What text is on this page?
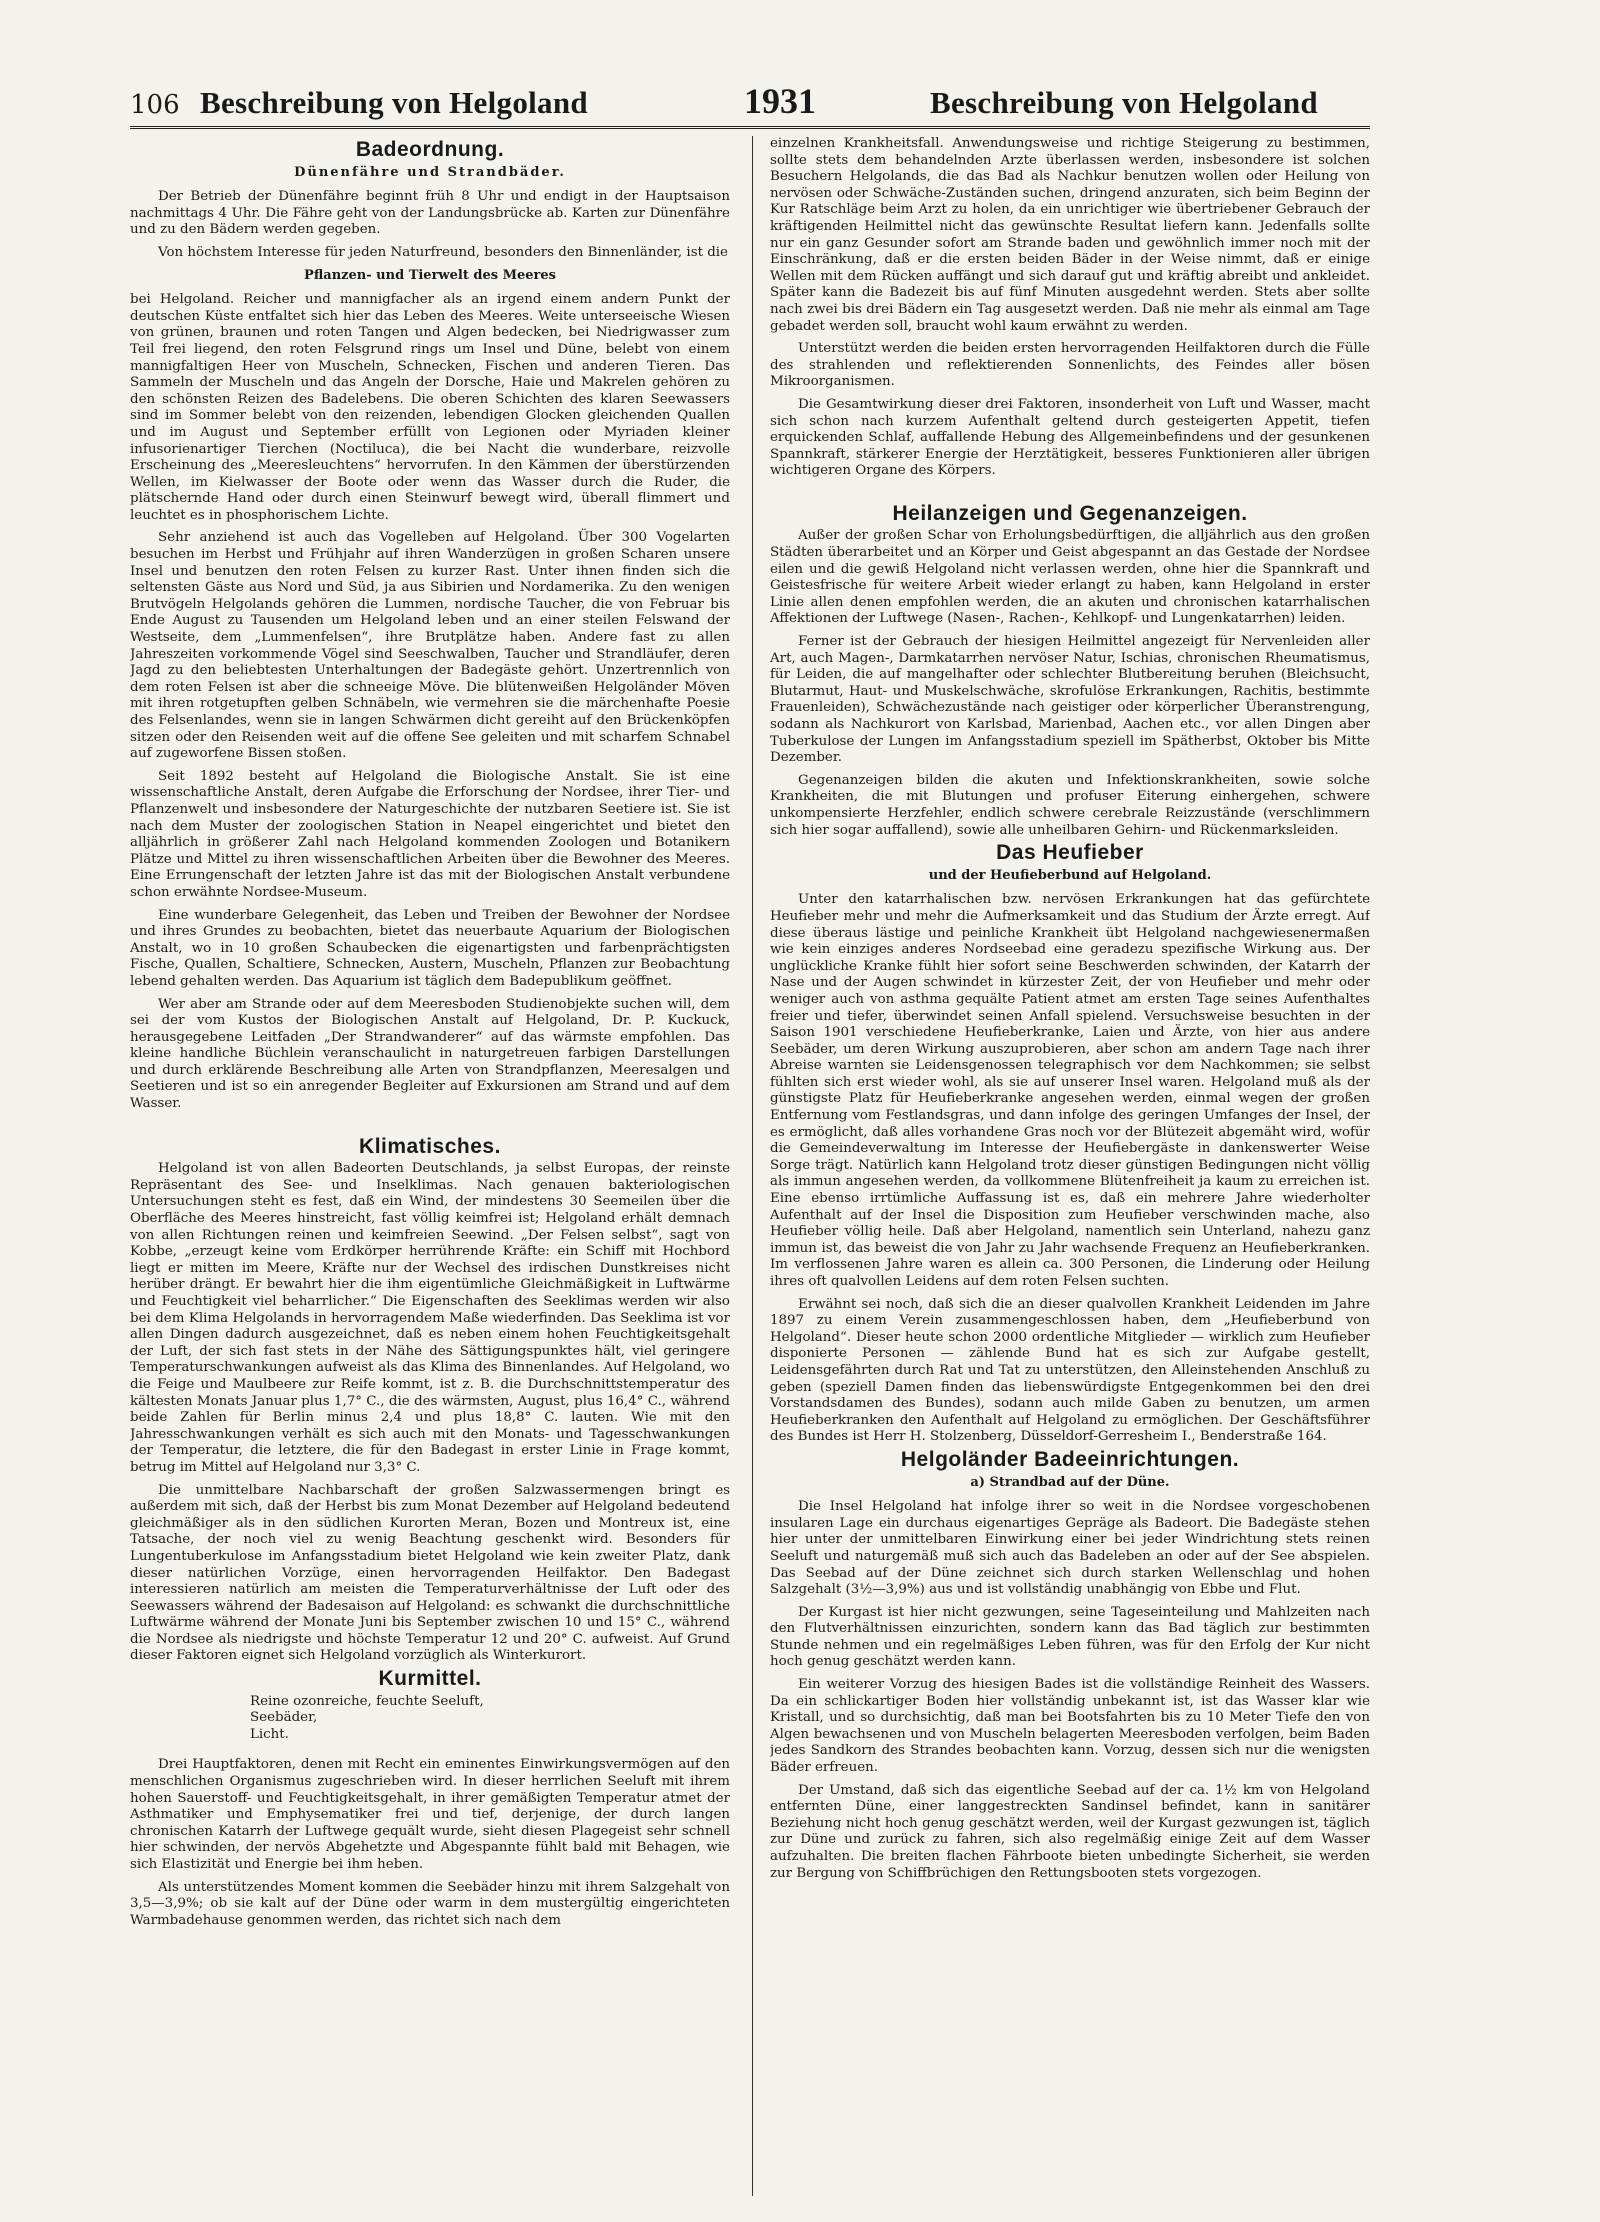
106 Beschreibung von Helgoland	1931	Beschreibung von Helgoland
Badeordnung.
Dünenfähre und Strandbäder.

Der Betrieb der Dünenfähre beginnt früh 8 Uhr und endigt in der Hauptsaison nachmittags 4 Uhr. Die Fähre geht von der Landungsbrücke ab. Karten zur Dünenfähre und zu den Bädern werden gegeben.

Von höchstem Interesse für jeden Naturfreund, besonders den Binnenländer, ist die

Pflanzen- und Tierwelt des Meeres

bei Helgoland. Reicher und mannigfacher als an irgend einem andern Punkt der deutschen Küste entfaltet sich hier das Leben des Meeres. Weite unterseeische Wiesen von grünen, braunen und roten Tangen und Algen bedecken, bei Niedrigwasser zum Teil frei liegend, den roten Felsgrund rings um Insel und Düne, belebt von einem mannigfaltigen Heer von Muscheln, Schnecken, Fischen und anderen Tieren. Das Sammeln der Muscheln und das Angeln der Dorsche, Haie und Makrelen gehören zu den schönsten Reizen des Badelebens. Die oberen Schichten des klaren Seewassers sind im Sommer belebt von den reizenden, lebendigen Glocken gleichenden Quallen und im August und September erfüllt von Legionen oder Myriaden kleiner infusorienartiger Tierchen (Noctiluca), die bei Nacht die wunderbare, reizvolle Erscheinung des „Meeresleuchtens“ hervorrufen. In den Kämmen der überstürzenden Wellen, im Kielwasser der Boote oder wenn das Wasser durch die Ruder, die plätschernde Hand oder durch einen Steinwurf bewegt wird, überall flimmert und leuchtet es in phosphorischem Lichte.

Sehr anziehend ist auch das Vogelleben auf Helgoland. Über 300 Vogelarten besuchen im Herbst und Frühjahr auf ihren Wanderzügen in großen Scharen unsere Insel und benutzen den roten Felsen zu kurzer Rast. Unter ihnen finden sich die seltensten Gäste aus Nord und Süd, ja aus Sibirien und Nordamerika. Zu den wenigen Brutvögeln Helgolands gehören die Lummen, nordische Taucher, die von Februar bis Ende August zu Tausenden um Helgoland leben und an einer steilen Felswand der Westseite, dem „Lummenfelsen“, ihre Brutplätze haben. Andere fast zu allen Jahreszeiten vorkommende Vögel sind Seeschwalben, Taucher und Strandläufer, deren Jagd zu den beliebtesten Unterhaltungen der Badegäste gehört. Unzertrennlich von dem roten Felsen ist aber die schneeige Möve. Die blütenweißen Helgoländer Möven mit ihren rotgetupften gelben Schnäbeln, wie vermehren sie die märchenhafte Poesie des Felsenlandes, wenn sie in langen Schwärmen dicht gereiht auf den Brückenköpfen sitzen oder den Reisenden weit auf die offene See geleiten und mit scharfem Schnabel auf zugeworfene Bissen stoßen.

Seit 1892 besteht auf Helgoland die Biologische Anstalt. Sie ist eine wissenschaftliche Anstalt, deren Aufgabe die Erforschung der Nordsee, ihrer Tier- und Pflanzenwelt und insbesondere der Naturgeschichte der nutzbaren Seetiere ist. Sie ist nach dem Muster der zoologischen Station in Neapel eingerichtet und bietet den alljährlich in größerer Zahl nach Helgoland kommenden Zoologen und Botanikern Plätze und Mittel zu ihren wissenschaftlichen Arbeiten über die Bewohner des Meeres. Eine Errungenschaft der letzten Jahre ist das mit der Biologischen Anstalt verbundene schon erwähnte Nordsee-Museum.

Eine wunderbare Gelegenheit, das Leben und Treiben der Bewohner der Nordsee und ihres Grundes zu beobachten, bietet das neuerbaute Aquarium der Biologischen Anstalt, wo in 10 großen Schaubecken die eigenartigsten und farbenprächtigsten Fische, Quallen, Schaltiere, Schnecken, Austern, Muscheln, Pflanzen zur Beobachtung lebend gehalten werden. Das Aquarium ist täglich dem Badepublikum geöffnet.

Wer aber am Strande oder auf dem Meeresboden Studienobjekte suchen will, dem sei der vom Kustos der Biologischen Anstalt auf Helgoland, Dr. P. Kuckuck, herausgegebene Leitfaden „Der Strandwanderer“ auf das wärmste empfohlen. Das kleine handliche Büchlein veranschaulicht in naturgetreuen farbigen Darstellungen und durch erklärende Beschreibung alle Arten von Strandpflanzen, Meeresalgen und Seetieren und ist so ein anregender Begleiter auf Exkursionen am Strand und auf dem Wasser.

Klimatisches.

Helgoland ist von allen Badeorten Deutschlands, ja selbst Europas, der reinste Repräsentant des See- und Inselklimas. Nach genauen bakteriologischen Untersuchungen steht es fest, daß ein Wind, der mindestens 30 Seemeilen über die Oberfläche des Meeres hinstreicht, fast völlig keimfrei ist; Helgoland erhält demnach von allen Richtungen reinen und keimfreien Seewind. „Der Felsen selbst“, sagt von Kobbe, „erzeugt keine vom Erdkörper herrührende Kräfte: ein Schiff mit Hochbord liegt er mitten im Meere, Kräfte nur der Wechsel des irdischen Dunstkreises nicht herüber drängt. Er bewahrt hier die ihm eigentümliche Gleichmäßigkeit in Luftwärme und Feuchtigkeit viel beharrlicher.“ Die Eigenschaften des Seeklimas werden wir also bei dem Klima Helgolands in hervorragendem Maße wiederfinden. Das Seeklima ist vor allen Dingen dadurch ausgezeichnet, daß es neben einem hohen Feuchtigkeitsgehalt der Luft, der sich fast stets in der Nähe des Sättigungspunktes hält, viel geringere Temperaturschwankungen aufweist als das Klima des Binnenlandes. Auf Helgoland, wo die Feige und Maulbeere zur Reife kommt, ist z. B. die Durchschnittstemperatur des kältesten Monats Januar plus 1,7° C., die des wärmsten, August, plus 16,4° C., während beide Zahlen für Berlin minus 2,4 und plus 18,8° C. lauten. Wie mit den Jahresschwankungen verhält es sich auch mit den Monats- und Tagesschwankungen der Temperatur, die letztere, die für den Badegast in erster Linie in Frage kommt, betrug im Mittel auf Helgoland nur 3,3° C.

Die unmittelbare Nachbarschaft der großen Salzwassermengen bringt es außerdem mit sich, daß der Herbst bis zum Monat Dezember auf Helgoland bedeutend gleichmäßiger als in den südlichen Kurorten Meran, Bozen und Montreux ist, eine Tatsache, der noch viel zu wenig Beachtung geschenkt wird. Besonders für Lungentuberkulose im Anfangsstadium bietet Helgoland wie kein zweiter Platz, dank dieser natürlichen Vorzüge, einen hervorragenden Heilfaktor. Den Badegast interessieren natürlich am meisten die Temperaturverhältnisse der Luft oder des Seewassers während der Badesaison auf Helgoland: es schwankt die durchschnittliche Luftwärme während der Monate Juni bis September zwischen 10 und 15° C., während die Nordsee als niedrigste und höchste Temperatur 12 und 20° C. aufweist. Auf Grund dieser Faktoren eignet sich Helgoland vorzüglich als Winterkurort.

Kurmittel.
Reine ozonreiche, feuchte Seeluft,
Seebäder,
Licht.

Drei Hauptfaktoren, denen mit Recht ein eminentes Einwirkungsvermögen auf den menschlichen Organismus zugeschrieben wird. In dieser herrlichen Seeluft mit ihrem hohen Sauerstoff- und Feuchtigkeitsgehalt, in ihrer gemäßigten Temperatur atmet der Asthmatiker und Emphysematiker frei und tief, derjenige, der durch langen chronischen Katarrh der Luftwege gequält wurde, sieht diesen Plagegeist sehr schnell hier schwinden, der nervös Abgehetzte und Abgespannte fühlt bald mit Behagen, wie sich Elastizität und Energie bei ihm heben.

Als unterstützendes Moment kommen die Seebäder hinzu mit ihrem Salzgehalt von 3,5—3,9%; ob sie kalt auf der Düne oder warm in dem mustergültig eingerichteten Warmbadehause genommen werden, das richtet sich nach dem

einzelnen Krankheitsfall. Anwendungsweise und richtige Steigerung zu bestimmen, sollte stets dem behandelnden Arzte überlassen werden, insbesondere ist solchen Besuchern Helgolands, die das Bad als Nachkur benutzen wollen oder Heilung von nervösen oder Schwäche-Zuständen suchen, dringend anzuraten, sich beim Beginn der Kur Ratschläge beim Arzt zu holen, da ein unrichtiger wie übertriebener Gebrauch der kräftigenden Heilmittel nicht das gewünschte Resultat liefern kann. Jedenfalls sollte nur ein ganz Gesunder sofort am Strande baden und gewöhnlich immer noch mit der Einschränkung, daß er die ersten beiden Bäder in der Weise nimmt, daß er einige Wellen mit dem Rücken auffängt und sich darauf gut und kräftig abreibt und ankleidet. Später kann die Badezeit bis auf fünf Minuten ausgedehnt werden. Stets aber sollte nach zwei bis drei Bädern ein Tag ausgesetzt werden. Daß nie mehr als einmal am Tage gebadet werden soll, braucht wohl kaum erwähnt zu werden.

Unterstützt werden die beiden ersten hervorragenden Heilfaktoren durch die Fülle des strahlenden und reflektierenden Sonnenlichts, des Feindes aller bösen Mikroorganismen.

Die Gesamtwirkung dieser drei Faktoren, insonderheit von Luft und Wasser, macht sich schon nach kurzem Aufenthalt geltend durch gesteigerten Appetit, tiefen erquickenden Schlaf, auffallende Hebung des Allgemeinbefindens und der gesunkenen Spannkraft, stärkerer Energie der Herztätigkeit, besseres Funktionieren aller übrigen wichtigeren Organe des Körpers.

Heilanzeigen und Gegenanzeigen.

Außer der großen Schar von Erholungsbedürftigen, die alljährlich aus den großen Städten überarbeitet und an Körper und Geist abgespannt an das Gestade der Nordsee eilen und die gewiß Helgoland nicht verlassen werden, ohne hier die Spannkraft und Geistesfrische für weitere Arbeit wieder erlangt zu haben, kann Helgoland in erster Linie allen denen empfohlen werden, die an akuten und chronischen katarrhalischen Affektionen der Luftwege (Nasen-, Rachen-, Kehlkopf- und Lungenkatarrhen) leiden.

Ferner ist der Gebrauch der hiesigen Heilmittel angezeigt für Nervenleiden aller Art, auch Magen-, Darmkatarrhen nervöser Natur, Ischias, chronischen Rheumatismus, für Leiden, die auf mangelhafter oder schlechter Blutbereitung beruhen (Bleichsucht, Blutarmut, Haut- und Muskelschwäche, skrofulöse Erkrankungen, Rachitis, bestimmte Frauenleiden), Schwächezustände nach geistiger oder körperlicher Überanstrengung, sodann als Nachkurort von Karlsbad, Marienbad, Aachen etc., vor allen Dingen aber Tuberkulose der Lungen im Anfangsstadium speziell im Spätherbst, Oktober bis Mitte Dezember.

Gegenanzeigen bilden die akuten und Infektionskrankheiten, sowie solche Krankheiten, die mit Blutungen und profuser Eiterung einhergehen, schwere unkompensierte Herzfehler, endlich schwere cerebrale Reizzustände (verschlimmern sich hier sogar auffallend), sowie alle unheilbaren Gehirn- und Rückenmarksleiden.

Das Heufieber
und der Heufieberbund auf Helgoland.

Unter den katarrhalischen bzw. nervösen Erkrankungen hat das gefürchtete Heufieber mehr und mehr die Aufmerksamkeit und das Studium der Ärzte erregt. Auf diese überaus lästige und peinliche Krankheit übt Helgoland nachgewiesenermaßen wie kein einziges anderes Nordseebad eine geradezu spezifische Wirkung aus. Der unglückliche Kranke fühlt hier sofort seine Beschwerden schwinden, der Katarrh der Nase und der Augen schwindet in kürzester Zeit, der von Heufieber und mehr oder weniger auch von asthma gequälte Patient atmet am ersten Tage seines Aufenthaltes freier und tiefer, überwindet seinen Anfall spielend. Versuchsweise besuchten in der Saison 1901 verschiedene Heufieberkranke, Laien und Ärzte, von hier aus andere Seebäder, um deren Wirkung auszuprobieren, aber schon am andern Tage nach ihrer Abreise warnten sie Leidensgenossen telegraphisch vor dem Nachkommen; sie selbst fühlten sich erst wieder wohl, als sie auf unserer Insel waren. Helgoland muß als der günstigste Platz für Heufieberkranke angesehen werden, einmal wegen der großen Entfernung vom Festlandsgras, und dann infolge des geringen Umfanges der Insel, der es ermöglicht, daß alles vorhandene Gras noch vor der Blütezeit abgemäht wird, wofür die Gemeindeverwaltung im Interesse der Heufiebergäste in dankenswerter Weise Sorge trägt. Natürlich kann Helgoland trotz dieser günstigen Bedingungen nicht völlig als immun angesehen werden, da vollkommene Blütenfreiheit ja kaum zu erreichen ist. Eine ebenso irrtümliche Auffassung ist es, daß ein mehrere Jahre wiederholter Aufenthalt auf der Insel die Disposition zum Heufieber verschwinden mache, also Heufieber völlig heile. Daß aber Helgoland, namentlich sein Unterland, nahezu ganz immun ist, das beweist die von Jahr zu Jahr wachsende Frequenz an Heufieberkranken. Im verflossenen Jahre waren es allein ca. 300 Personen, die Linderung oder Heilung ihres oft qualvollen Leidens auf dem roten Felsen suchten.

Erwähnt sei noch, daß sich die an dieser qualvollen Krankheit Leidenden im Jahre 1897 zu einem Verein zusammengeschlossen haben, dem „Heufieberbund von Helgoland“. Dieser heute schon 2000 ordentliche Mitglieder — wirklich zum Heufieber disponierte Personen — zählende Bund hat es sich zur Aufgabe gestellt, Leidensgefährten durch Rat und Tat zu unterstützen, den Alleinstehenden Anschluß zu geben (speziell Damen finden das liebenswürdigste Entgegenkommen bei den drei Vorstandsdamen des Bundes), sodann auch milde Gaben zu benutzen, um armen Heufieberkranken den Aufenthalt auf Helgoland zu ermöglichen. Der Geschäftsführer des Bundes ist Herr H. Stolzenberg, Düsseldorf-Gerresheim I., Benderstraße 164.

Helgoländer Badeeinrichtungen.
a) Strandbad auf der Düne.

Die Insel Helgoland hat infolge ihrer so weit in die Nordsee vorgeschobenen insularen Lage ein durchaus eigenartiges Gepräge als Badeort. Die Badegäste stehen hier unter der unmittelbaren Einwirkung einer bei jeder Windrichtung stets reinen Seeluft und naturgemäß muß sich auch das Badeleben an oder auf der See abspielen. Das Seebad auf der Düne zeichnet sich durch starken Wellenschlag und hohen Salzgehalt (3½—3,9%) aus und ist vollständig unabhängig von Ebbe und Flut.

Der Kurgast ist hier nicht gezwungen, seine Tageseinteilung und Mahlzeiten nach den Flutverhältnissen einzurichten, sondern kann das Bad täglich zur bestimmten Stunde nehmen und ein regelmäßiges Leben führen, was für den Erfolg der Kur nicht hoch genug geschätzt werden kann.

Ein weiterer Vorzug des hiesigen Bades ist die vollständige Reinheit des Wassers. Da ein schlickartiger Boden hier vollständig unbekannt ist, ist das Wasser klar wie Kristall, und so durchsichtig, daß man bei Bootsfahrten bis zu 10 Meter Tiefe den von Algen bewachsenen und von Muscheln belagerten Meeresboden verfolgen, beim Baden jedes Sandkorn des Strandes beobachten kann. Vorzug, dessen sich nur die wenigsten Bäder erfreuen.

Der Umstand, daß sich das eigentliche Seebad auf der ca. 1½ km von Helgoland entfernten Düne, einer langgestreckten Sandinsel befindet, kann in sanitärer Beziehung nicht hoch genug geschätzt werden, weil der Kurgast gezwungen ist, täglich zur Düne und zurück zu fahren, sich also regelmäßig einige Zeit auf dem Wasser aufzuhalten. Die breiten flachen Fährboote bieten unbedingte Sicherheit, sie werden zur Bergung von Schiffbrüchigen den Rettungsbooten stets vorgezogen.
